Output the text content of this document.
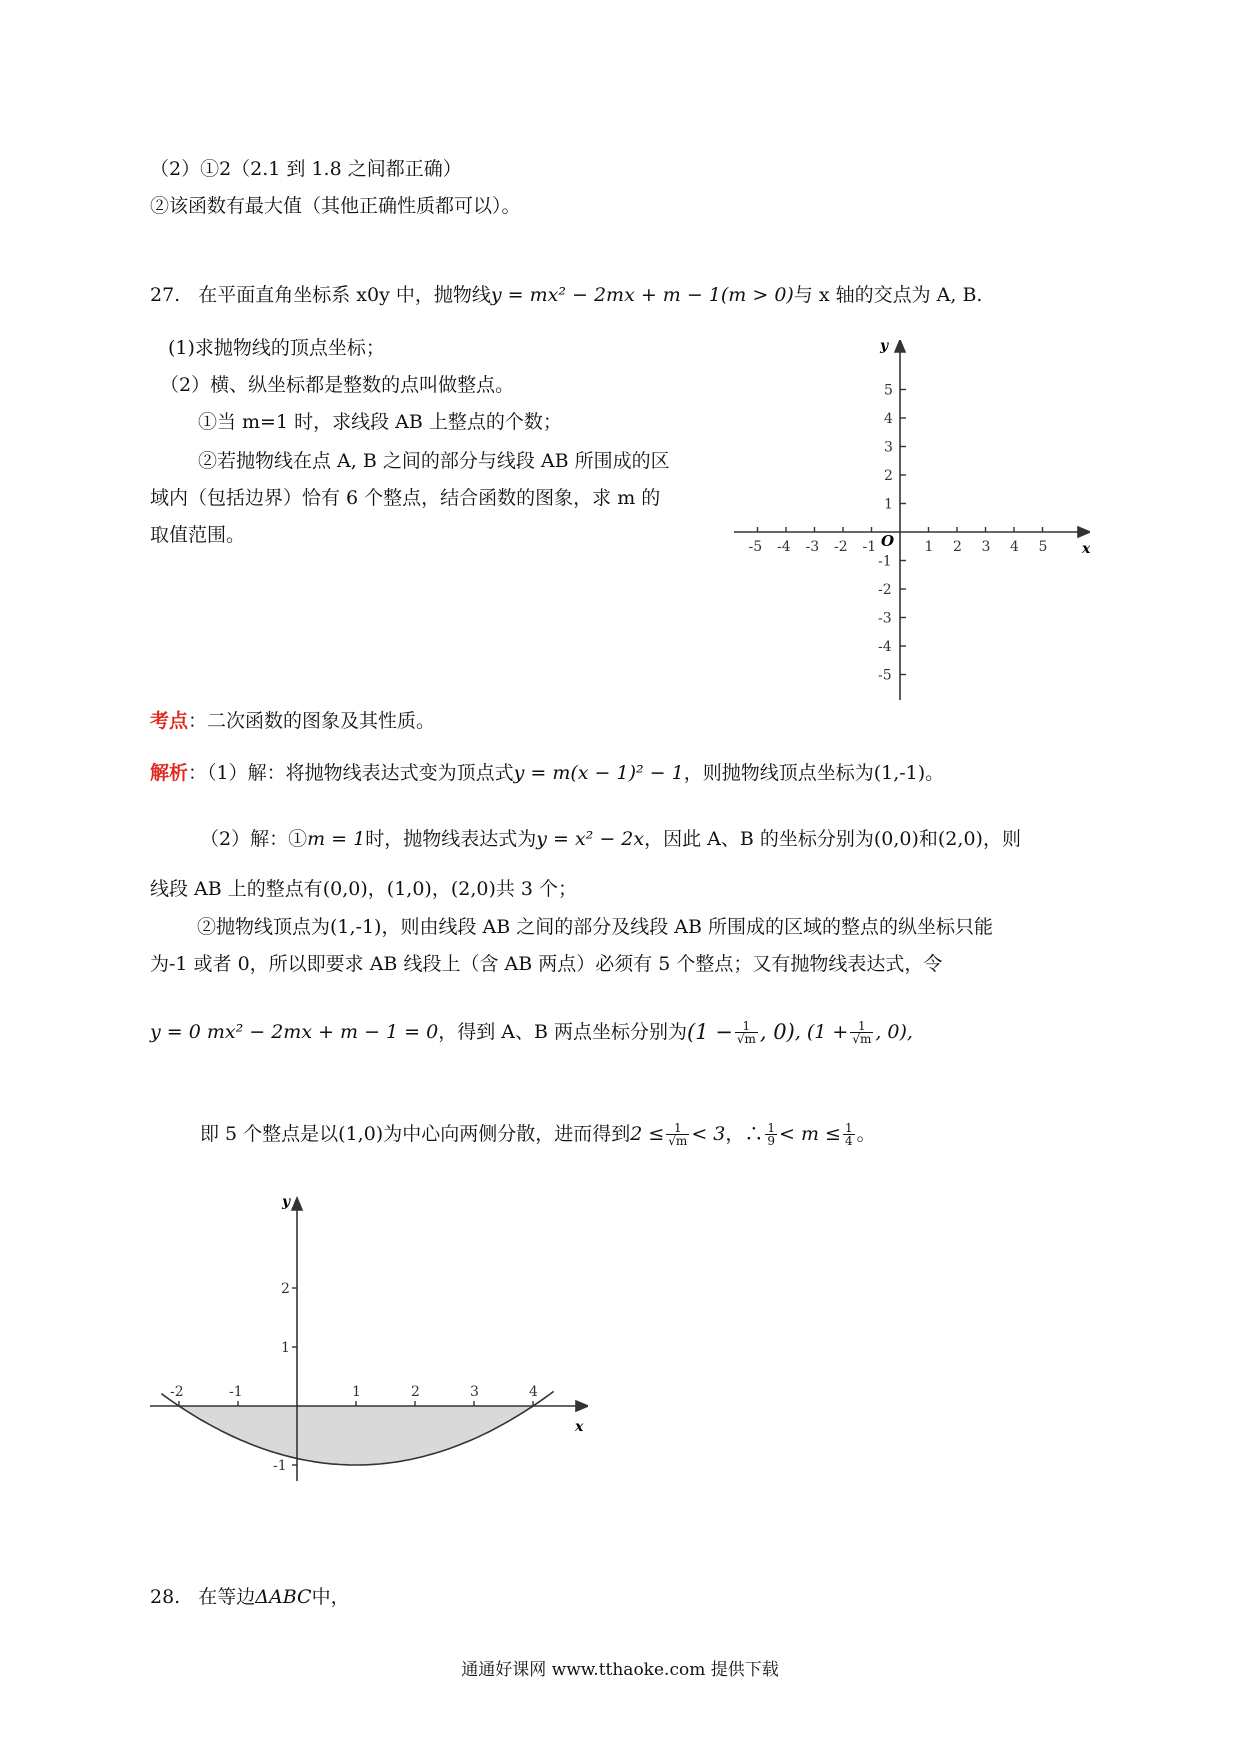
（2）①2（2.1 到 1.8 之间都正确）
②该函数有最大值（其他正确性质都可以）。
27. 在平面直角坐标系 x0y 中，抛物线y = mx² − 2mx + m − 1(m > 0)与 x 轴的交点为 A, B.
(1)求抛物线的顶点坐标；
（2）横、纵坐标都是整数的点叫做整点。
①当 m=1 时，求线段 AB 上整点的个数；
②若抛物线在点 A, B 之间的部分与线段 AB 所围成的区
域内（包括边界）恰有 6 个整点，结合函数的图象，求 m 的
取值范围。
-5 -4 -3 -2 -1	1 2 3 4 5
5
4
3
2
1
-1
-2
-3
-4
-5
x
y
O
考点：二次函数的图象及其性质。
解析：（1）解：将抛物线表达式变为顶点式y = m(x − 1)² − 1，则抛物线顶点坐标为(1,-1)。
（2）解：①m = 1时，抛物线表达式为y = x² − 2x，因此 A、B 的坐标分别为(0,0)和(2,0)，则
线段 AB 上的整点有(0,0)，(1,0)，(2,0)共 3 个；
②抛物线顶点为(1,-1)，则由线段 AB 之间的部分及线段 AB 所围成的区域的整点的纵坐标只能
为-1 或者 0，所以即要求 AB 线段上（含 AB 两点）必须有 5 个整点；又有抛物线表达式，令
y = 0 mx² − 2mx + m − 1 = 0 ，得到 A、B 两点坐标分别为 ($1 - \frac{1}{√m}$ , 0) , ($1 + \frac{1}{√m}$ , 0),
即 5 个整点是以(1,0)为中心向两侧分散，进而得到 $2 \le \frac{1}{√m} < 3$ ，∴ $\frac{1}{9} < m \le \frac{1}{4}$ 。
-2	-1	1	2	3	4
2
1
-1
x
y
28. 在等边ΔABC中，
通通好课网 www.tthaoke.com 提供下载
